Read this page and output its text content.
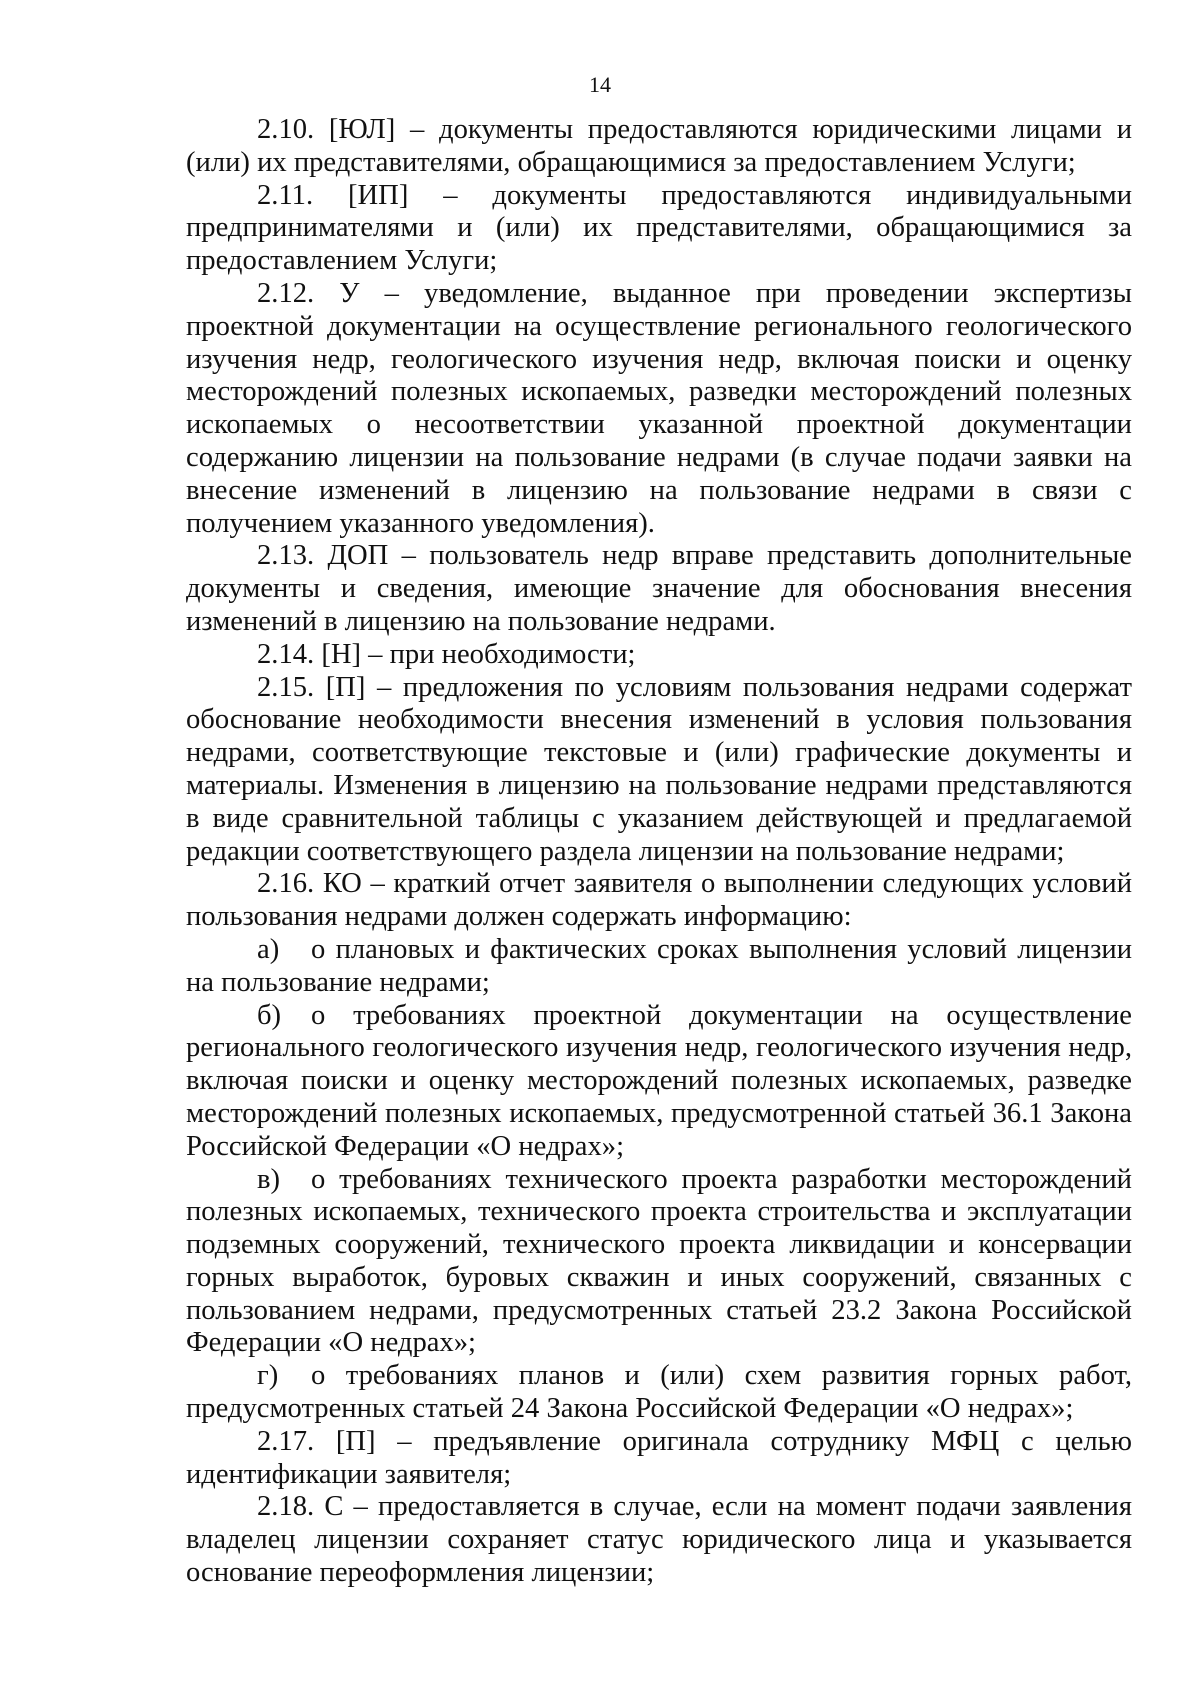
14

2.10. [ЮЛ] – документы предоставляются юридическими лицами и (или) их представителями, обращающимися за предоставлением Услуги;

2.11. [ИП] – документы предоставляются индивидуальными предпринимателями и (или) их представителями, обращающимися за предоставлением Услуги;

2.12. У – уведомление, выданное при проведении экспертизы проектной документации на осуществление регионального геологического изучения недр, геологического изучения недр, включая поиски и оценку месторождений полезных ископаемых, разведки месторождений полезных ископаемых о несоответствии указанной проектной документации содержанию лицензии на пользование недрами (в случае подачи заявки на внесение изменений в лицензию на пользование недрами в связи с получением указанного уведомления).

2.13. ДОП – пользователь недр вправе представить дополнительные документы и сведения, имеющие значение для обоснования внесения изменений в лицензию на пользование недрами.

2.14. [Н] – при необходимости;

2.15. [П] – предложения по условиям пользования недрами содержат обоснование необходимости внесения изменений в условия пользования недрами, соответствующие текстовые и (или) графические документы и материалы. Изменения в лицензию на пользование недрами представляются в виде сравнительной таблицы с указанием действующей и предлагаемой редакции соответствующего раздела лицензии на пользование недрами;

2.16. КО – краткий отчет заявителя о выполнении следующих условий пользования недрами должен содержать информацию:

а) о плановых и фактических сроках выполнения условий лицензии на пользование недрами;

б) о требованиях проектной документации на осуществление регионального геологического изучения недр, геологического изучения недр, включая поиски и оценку месторождений полезных ископаемых, разведке месторождений полезных ископаемых, предусмотренной статьей 36.1 Закона Российской Федерации «О недрах»;

в) о требованиях технического проекта разработки месторождений полезных ископаемых, технического проекта строительства и эксплуатации подземных сооружений, технического проекта ликвидации и консервации горных выработок, буровых скважин и иных сооружений, связанных с пользованием недрами, предусмотренных статьей 23.2 Закона Российской Федерации «О недрах»;

г) о требованиях планов и (или) схем развития горных работ, предусмотренных статьей 24 Закона Российской Федерации «О недрах»;

2.17. [П] – предъявление оригинала сотруднику МФЦ с целью идентификации заявителя;

2.18. С – предоставляется в случае, если на момент подачи заявления владелец лицензии сохраняет статус юридического лица и указывается основание переоформления лицензии;
